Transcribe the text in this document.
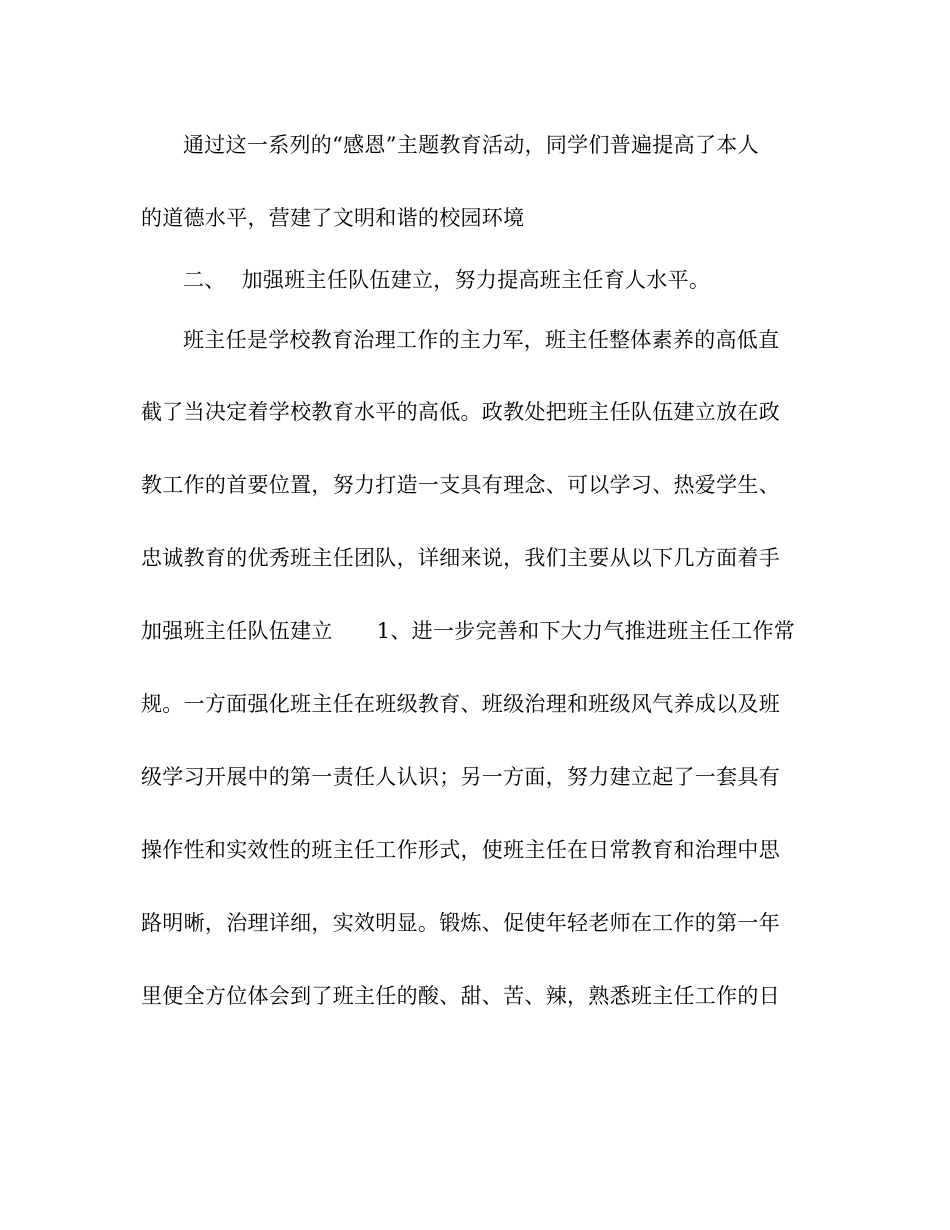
通过这一系列的“感恩”主题教育活动，同学们普遍提高了本人
的道德水平，营建了文明和谐的校园环境
二、 加强班主任队伍建立，努力提高班主任育人水平。
班主任是学校教育治理工作的主力军，班主任整体素养的高低直
截了当决定着学校教育水平的高低。政教处把班主任队伍建立放在政
教工作的首要位置，努力打造一支具有理念、可以学习、热爱学生、
忠诚教育的优秀班主任团队，详细来说，我们主要从以下几方面着手
加强班主任队伍建立 1、进一步完善和下大力气推进班主任工作常
规。一方面强化班主任在班级教育、班级治理和班级风气养成以及班
级学习开展中的第一责任人认识；另一方面，努力建立起了一套具有
操作性和实效性的班主任工作形式，使班主任在日常教育和治理中思
路明晰，治理详细，实效明显。锻炼、促使年轻老师在工作的第一年
里便全方位体会到了班主任的酸、甜、苦、辣，熟悉班主任工作的日
